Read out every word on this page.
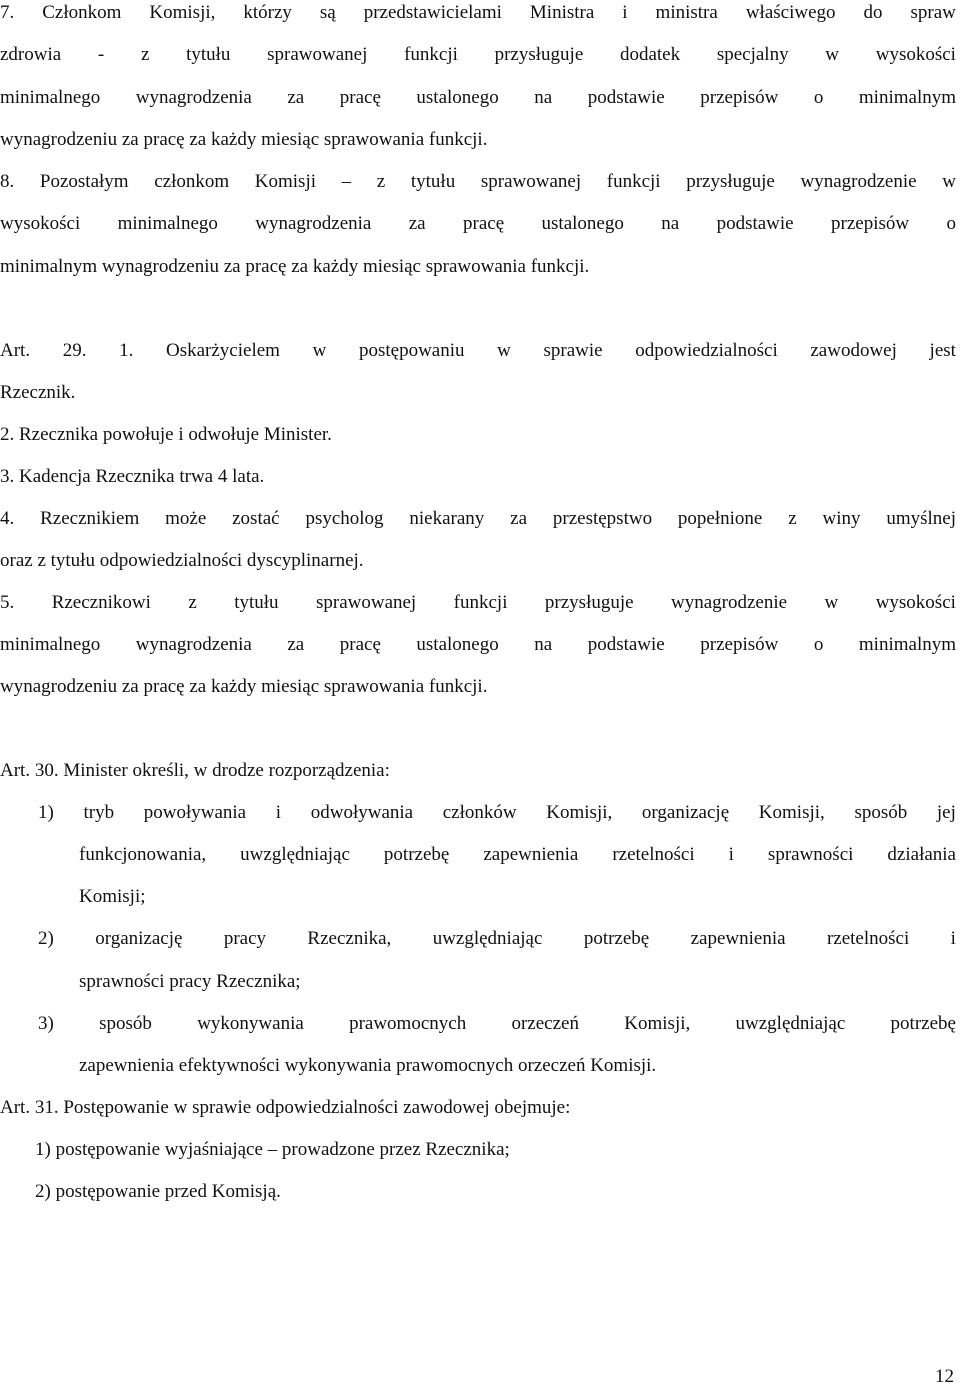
7. Członkom Komisji, którzy są przedstawicielami Ministra i ministra właściwego do spraw
zdrowia - z tytułu sprawowanej funkcji przysługuje dodatek specjalny w wysokości
minimalnego wynagrodzenia za pracę ustalonego na podstawie przepisów o minimalnym
wynagrodzeniu za pracę za każdy miesiąc sprawowania funkcji.
8. Pozostałym członkom Komisji – z tytułu sprawowanej funkcji przysługuje wynagrodzenie w
wysokości minimalnego wynagrodzenia za pracę ustalonego na podstawie przepisów o
minimalnym wynagrodzeniu za pracę za każdy miesiąc sprawowania funkcji.
Art. 29. 1. Oskarżycielem w postępowaniu w sprawie odpowiedzialności zawodowej jest
Rzecznik.
2. Rzecznika powołuje i odwołuje Minister.
3. Kadencja Rzecznika trwa 4 lata.
4. Rzecznikiem może zostać psycholog niekarany za przestępstwo popełnione z winy umyślnej
oraz z tytułu odpowiedzialności dyscyplinarnej.
5. Rzecznikowi z tytułu sprawowanej funkcji przysługuje wynagrodzenie w wysokości
minimalnego wynagrodzenia za pracę ustalonego na podstawie przepisów o minimalnym
wynagrodzeniu za pracę za każdy miesiąc sprawowania funkcji.
Art. 30. Minister określi, w drodze rozporządzenia:
1) tryb powoływania i odwoływania członków Komisji, organizację Komisji, sposób jej
funkcjonowania, uwzględniając potrzebę zapewnienia rzetelności i sprawności działania
Komisji;
2) organizację pracy Rzecznika, uwzględniając potrzebę zapewnienia rzetelności i
sprawności pracy Rzecznika;
3) sposób wykonywania prawomocnych orzeczeń Komisji, uwzględniając potrzebę
zapewnienia efektywności wykonywania prawomocnych orzeczeń Komisji.
Art. 31. Postępowanie w sprawie odpowiedzialności zawodowej obejmuje:
1) postępowanie wyjaśniające – prowadzone przez Rzecznika;
2) postępowanie przed Komisją.
12
